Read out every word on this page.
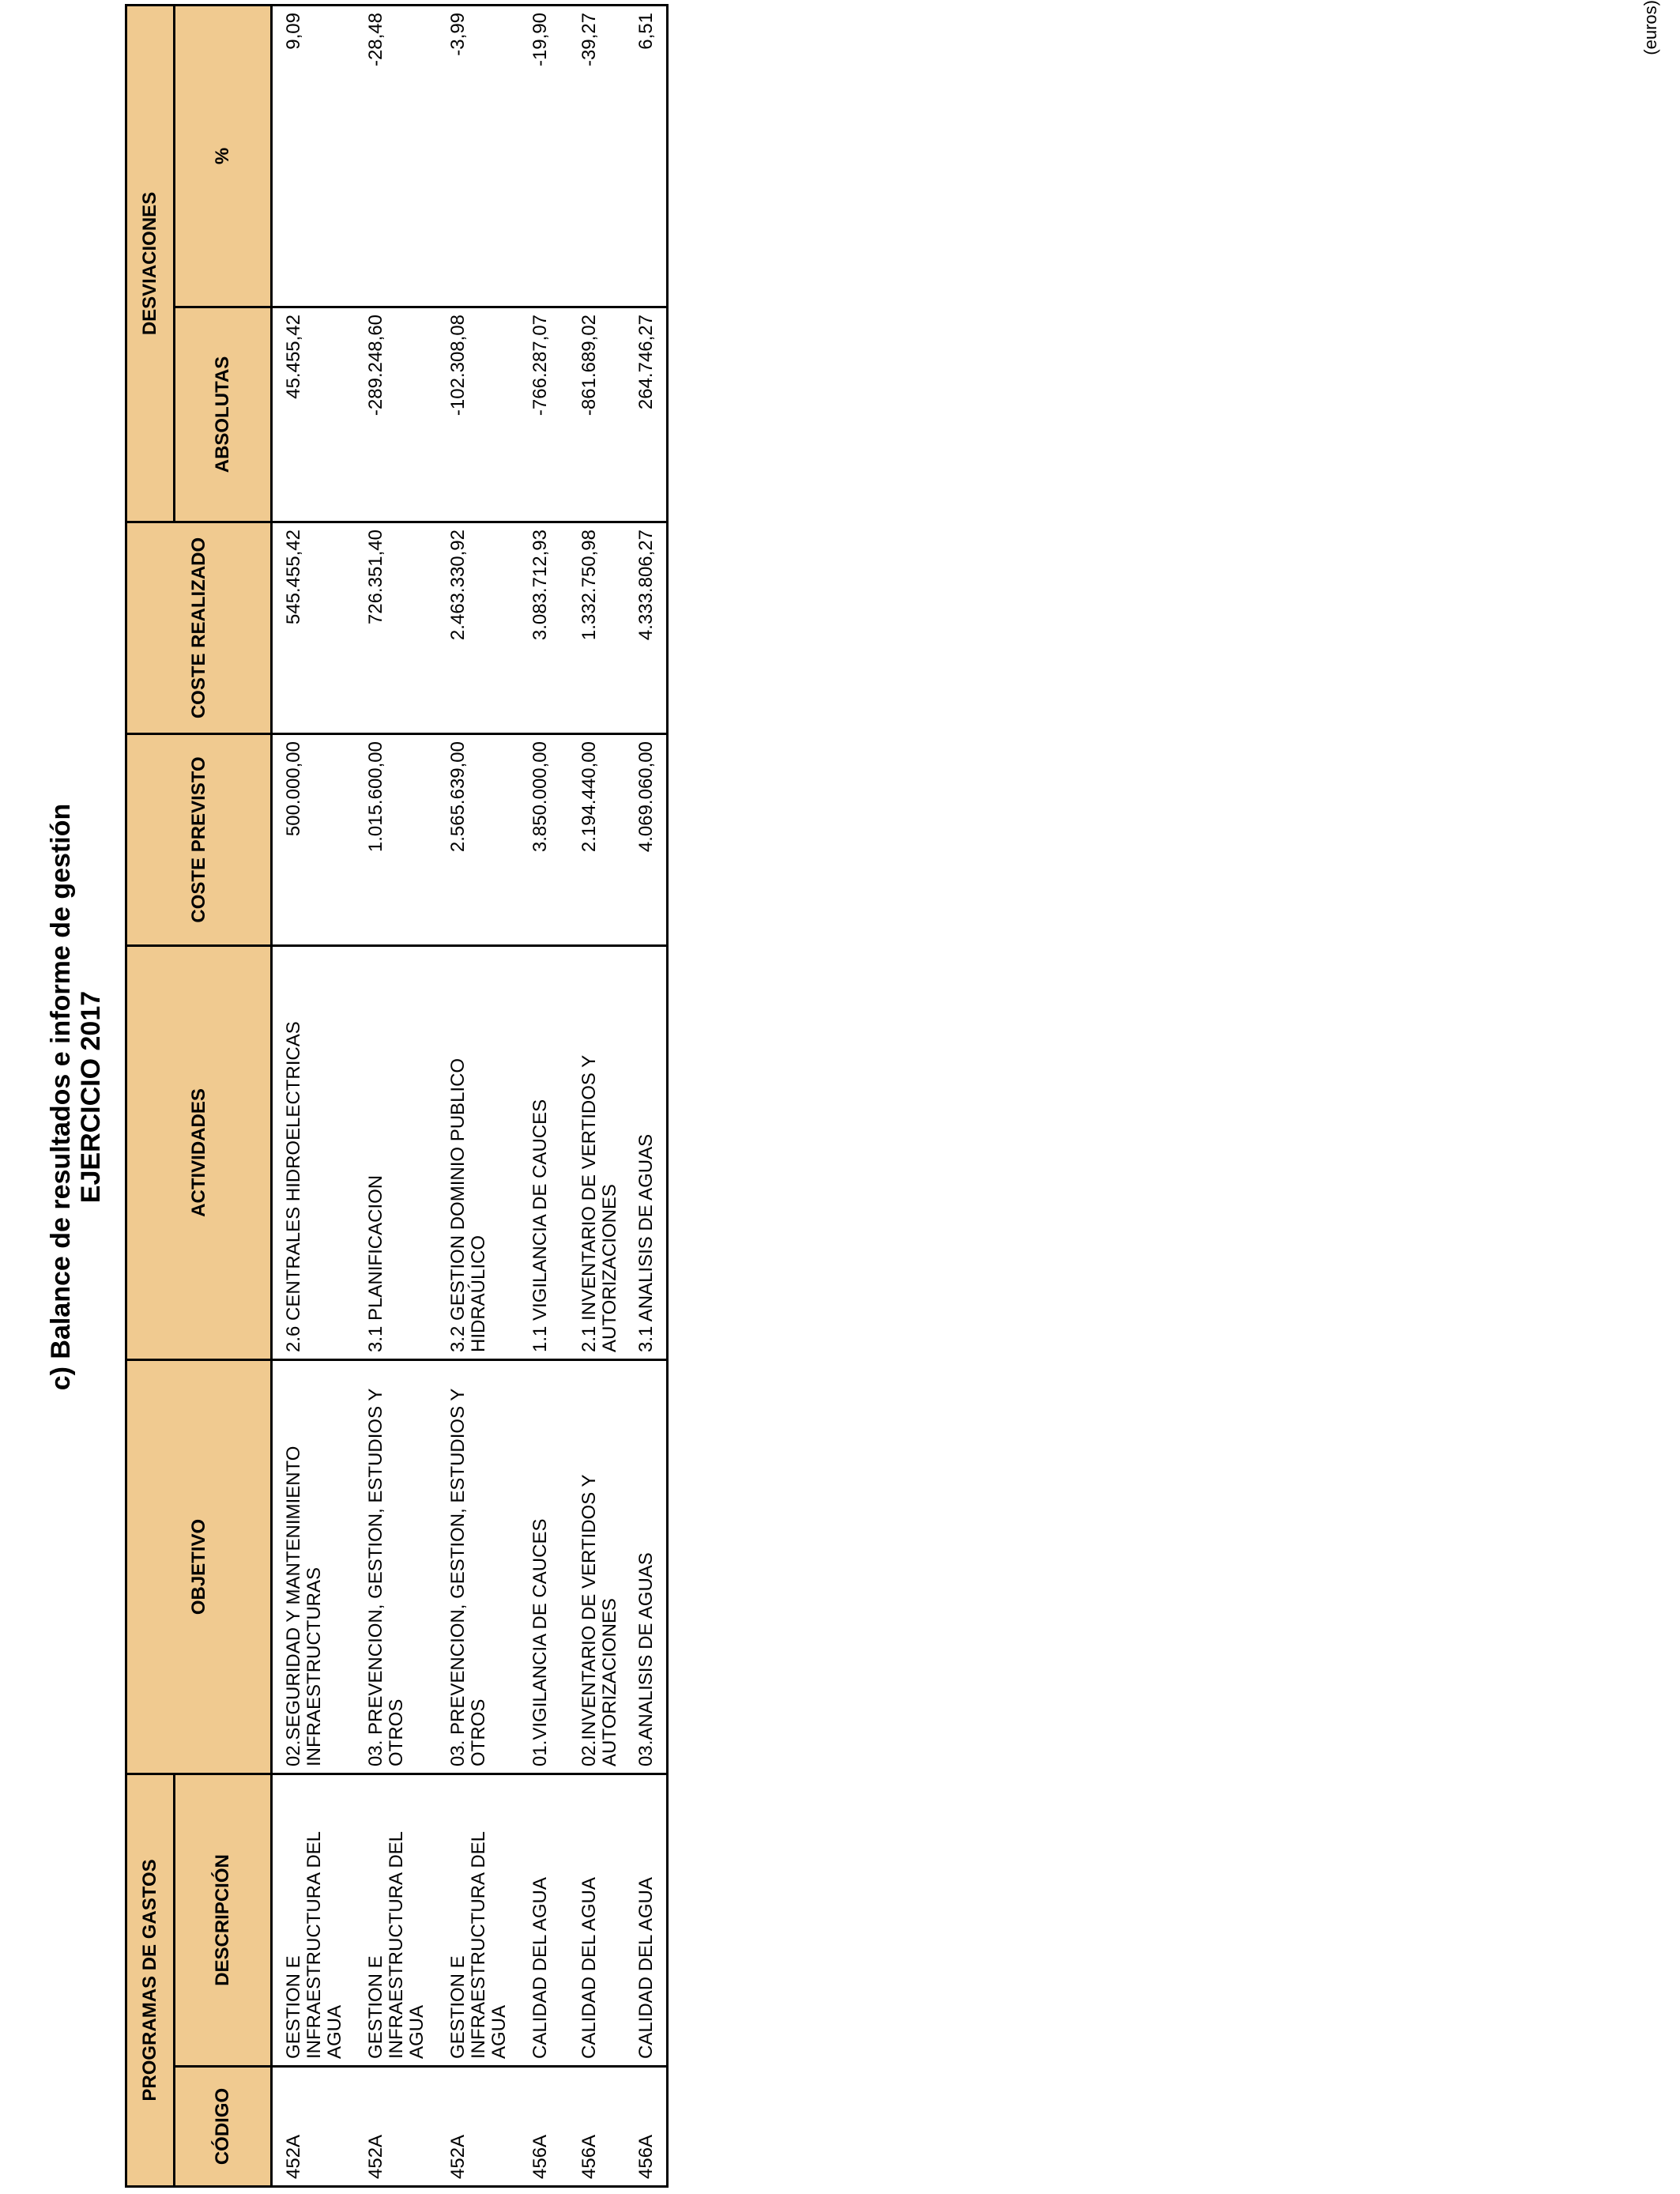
c) Balance de resultados e informe de gestión EJERCICIO 2017
PROGRAMAS DE GASTOS		OBJETIVO	ACTIVIDADES	COSTE PREVISTO	COSTE REALIZADO	DESVIACIONES	
CÓDIGO	DESCRIPCIÓN					ABSOLUTAS	%
452A	GESTION E INFRAESTRUCTURA DEL AGUA	02.SEGURIDAD Y MANTENIMIENTO INFRAESTRUCTURAS	2.6 CENTRALES HIDROELECTRICAS	500.000,00	545.455,42	45.455,42	9,09
452A	GESTION E INFRAESTRUCTURA DEL AGUA	03. PREVENCION, GESTION, ESTUDIOS Y OTROS	3.1 PLANIFICACION	1.015.600,00	726.351,40	-289.248,60	-28,48
452A	GESTION E INFRAESTRUCTURA DEL AGUA	03. PREVENCION, GESTION, ESTUDIOS Y OTROS	3.2 GESTION DOMINIO PUBLICO HIDRAÚLICO	2.565.639,00	2.463.330,92	-102.308,08	-3,99
456A	CALIDAD DEL AGUA	01.VIGILANCIA DE CAUCES	1.1 VIGILANCIA DE CAUCES	3.850.000,00	3.083.712,93	-766.287,07	-19,90
456A	CALIDAD DEL AGUA	02.INVENTARIO DE VERTIDOS Y AUTORIZACIONES	2.1 INVENTARIO DE VERTIDOS Y AUTORIZACIONES	2.194.440,00	1.332.750,98	-861.689,02	-39,27
456A	CALIDAD DEL AGUA	03.ANALISIS DE AGUAS	3.1 ANALISIS DE AGUAS	4.069.060,00	4.333.806,27	264.746,27	6,51	(euros)
